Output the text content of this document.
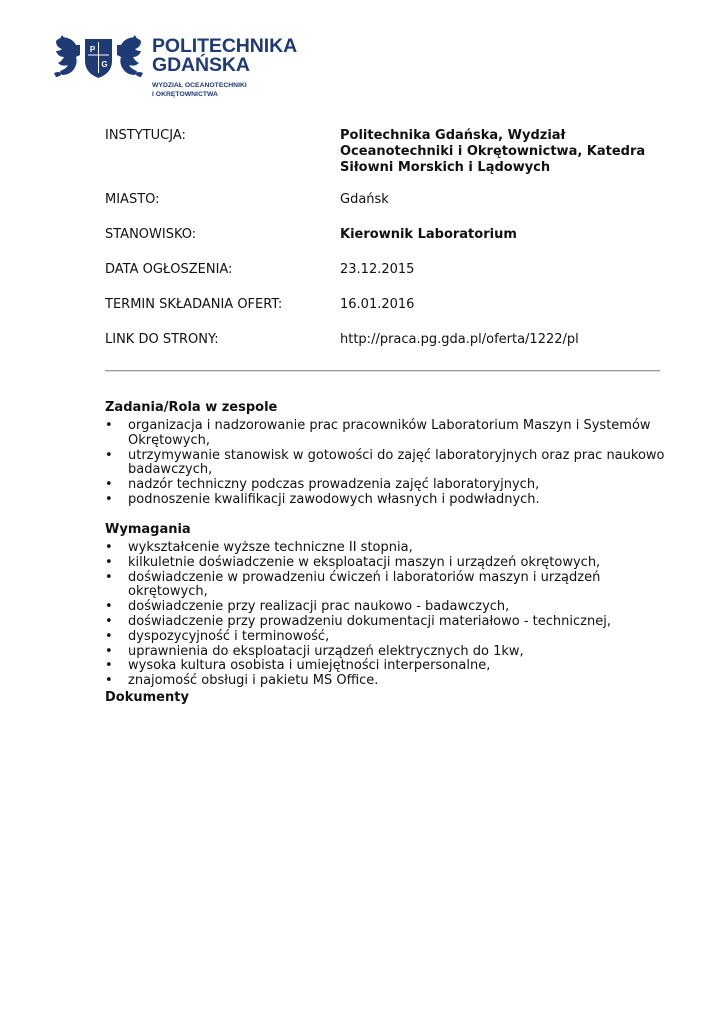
P
G
POLITECHNIKA
GDAŃSKA
WYDZIAŁ OCEANOTECHNIKI
I OKRĘTOWNICTWA
INSTYTUCJA:	Politechnika Gdańska, Wydział Oceanotechniki i Okrętownictwa, Katedra Siłowni Morskich i Lądowych
MIASTO:	Gdańsk
STANOWISKO:	Kierownik Laboratorium
DATA OGŁOSZENIA:	23.12.2015
TERMIN SKŁADANIA OFERT:	16.01.2016
LINK DO STRONY:	http://praca.pg.gda.pl/oferta/1222/pl
Zadania/Rola w zespole
• organizacja i nadzorowanie prac pracowników Laboratorium Maszyn i Systemów
Okrętowych,
• utrzymywanie stanowisk w gotowości do zajęć laboratoryjnych oraz prac naukowo
badawczych,
• nadzór techniczny podczas prowadzenia zajęć laboratoryjnych,
• podnoszenie kwalifikacji zawodowych własnych i podwładnych.
Wymagania
• wykształcenie wyższe techniczne II stopnia,
• kilkuletnie doświadczenie w eksploatacji maszyn i urządzeń okrętowych,
• doświadczenie w prowadzeniu ćwiczeń i laboratoriów maszyn i urządzeń okrętowych,
• doświadczenie przy realizacji prac naukowo - badawczych,
• doświadczenie przy prowadzeniu dokumentacji materiałowo - technicznej,
• dyspozycyjność i terminowość,
• uprawnienia do eksploatacji urządzeń elektrycznych do 1kw,
• wysoka kultura osobista i umiejętności interpersonalne,
• znajomość obsługi i pakietu MS Office.
Dokumenty
